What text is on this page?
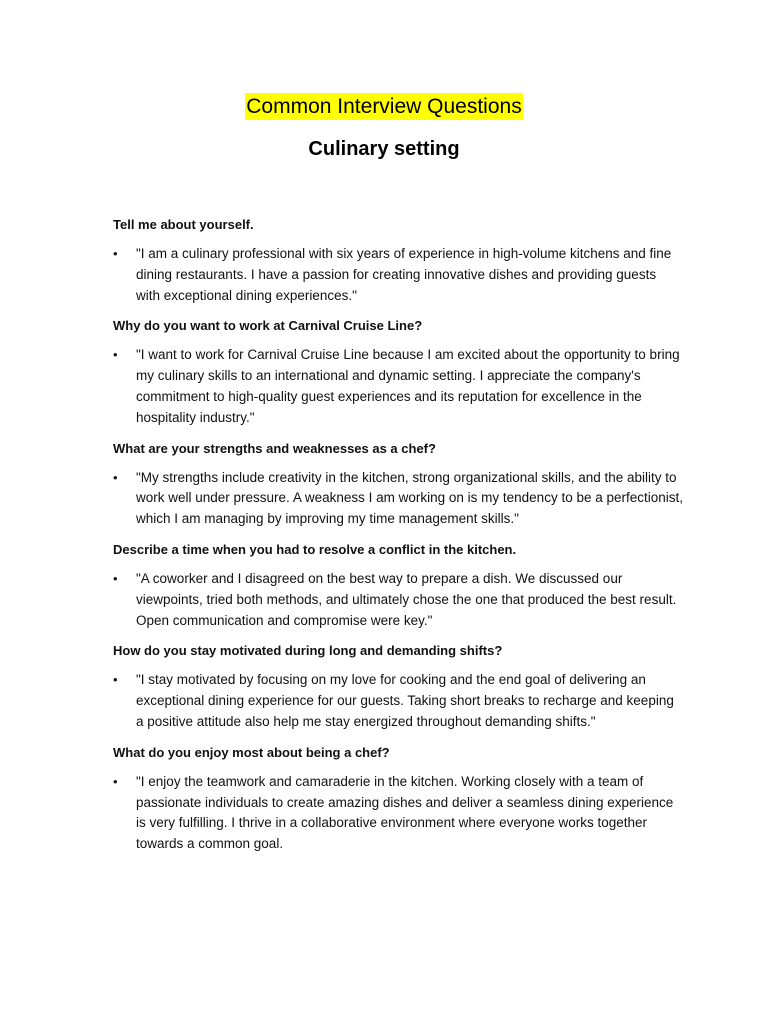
Common Interview Questions
Culinary setting

Tell me about yourself.

• "I am a culinary professional with six years of experience in high-volume kitchens and fine dining restaurants. I have a passion for creating innovative dishes and providing guests with exceptional dining experiences."

Why do you want to work at Carnival Cruise Line?

• "I want to work for Carnival Cruise Line because I am excited about the opportunity to bring my culinary skills to an international and dynamic setting. I appreciate the company's commitment to high-quality guest experiences and its reputation for excellence in the hospitality industry."

What are your strengths and weaknesses as a chef?

• "My strengths include creativity in the kitchen, strong organizational skills, and the ability to work well under pressure. A weakness I am working on is my tendency to be a perfectionist, which I am managing by improving my time management skills."

Describe a time when you had to resolve a conflict in the kitchen.

• "A coworker and I disagreed on the best way to prepare a dish. We discussed our viewpoints, tried both methods, and ultimately chose the one that produced the best result. Open communication and compromise were key."

How do you stay motivated during long and demanding shifts?

• "I stay motivated by focusing on my love for cooking and the end goal of delivering an exceptional dining experience for our guests. Taking short breaks to recharge and keeping a positive attitude also help me stay energized throughout demanding shifts."

What do you enjoy most about being a chef?

• "I enjoy the teamwork and camaraderie in the kitchen. Working closely with a team of passionate individuals to create amazing dishes and deliver a seamless dining experience is very fulfilling. I thrive in a collaborative environment where everyone works together towards a common goal.
